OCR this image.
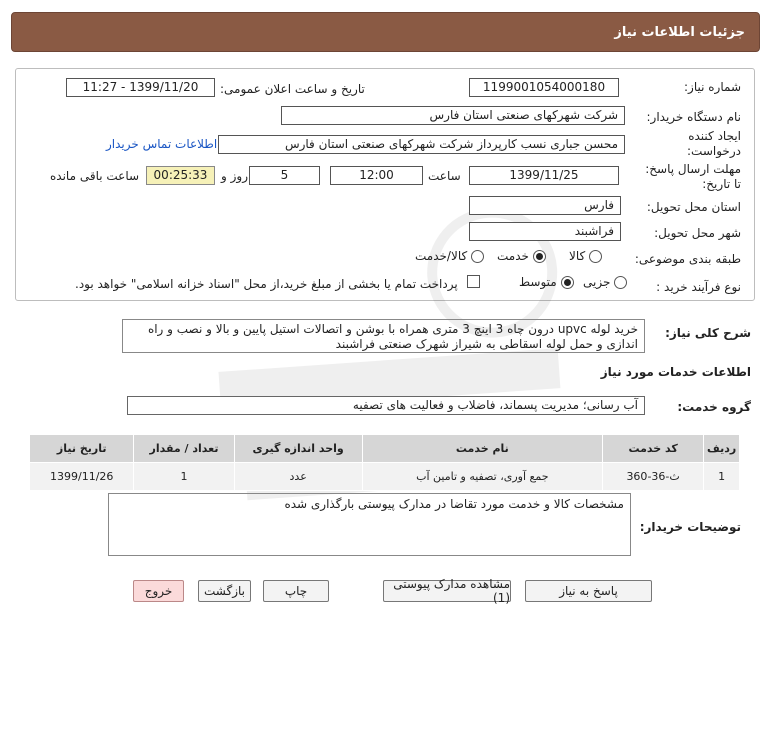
جزئیات اطلاعات نیاز
شماره نیاز:
1199001054000180
تاریخ و ساعت اعلان عمومی:
1399/11/20 - 11:27
نام دستگاه خریدار:
شرکت شهرکهای صنعتی استان فارس
ایجاد کننده
درخواست:
محسن جباری نسب کارپرداز شرکت شهرکهای صنعتی استان فارس
اطلاعات تماس خریدار
مهلت ارسال پاسخ:
تا تاریخ:
1399/11/25
ساعت
12:00
5
روز و
00:25:33
ساعت باقی مانده
استان محل تحویل:
فارس
شهر محل تحویل:
فراشبند
طبقه بندی موضوعی:
کالا
خدمت
کالا/خدمت
نوع فرآیند خرید :
جزیی
متوسط
پرداخت تمام یا بخشی از مبلغ خرید،از محل "اسناد خزانه اسلامی" خواهد بود.
شرح کلی نیاز:
خرید لوله upvc درون چاه 3 اینچ 3 متری همراه با بوشن و اتصالات استیل پایین و بالا و نصب و راه اندازی و حمل لوله اسقاطی به شیراز شهرک صنعتی فراشبند
اطلاعات خدمات مورد نیاز
گروه خدمت:
آب رسانی؛ مدیریت پسماند، فاضلاب و فعالیت های تصفیه
ردیف	کد خدمت	نام خدمت	واحد اندازه گیری	تعداد / مقدار	تاریخ نیاز
1	ث-36-360	جمع آوری، تصفیه و تامین آب	عدد	1	1399/11/26
توضیحات خریدار:
مشخصات کالا و خدمت مورد تقاضا در مدارک پیوستی بارگذاری شده
پاسخ به نیاز
مشاهده مدارک پیوستی (1)
چاپ
بازگشت
خروج
